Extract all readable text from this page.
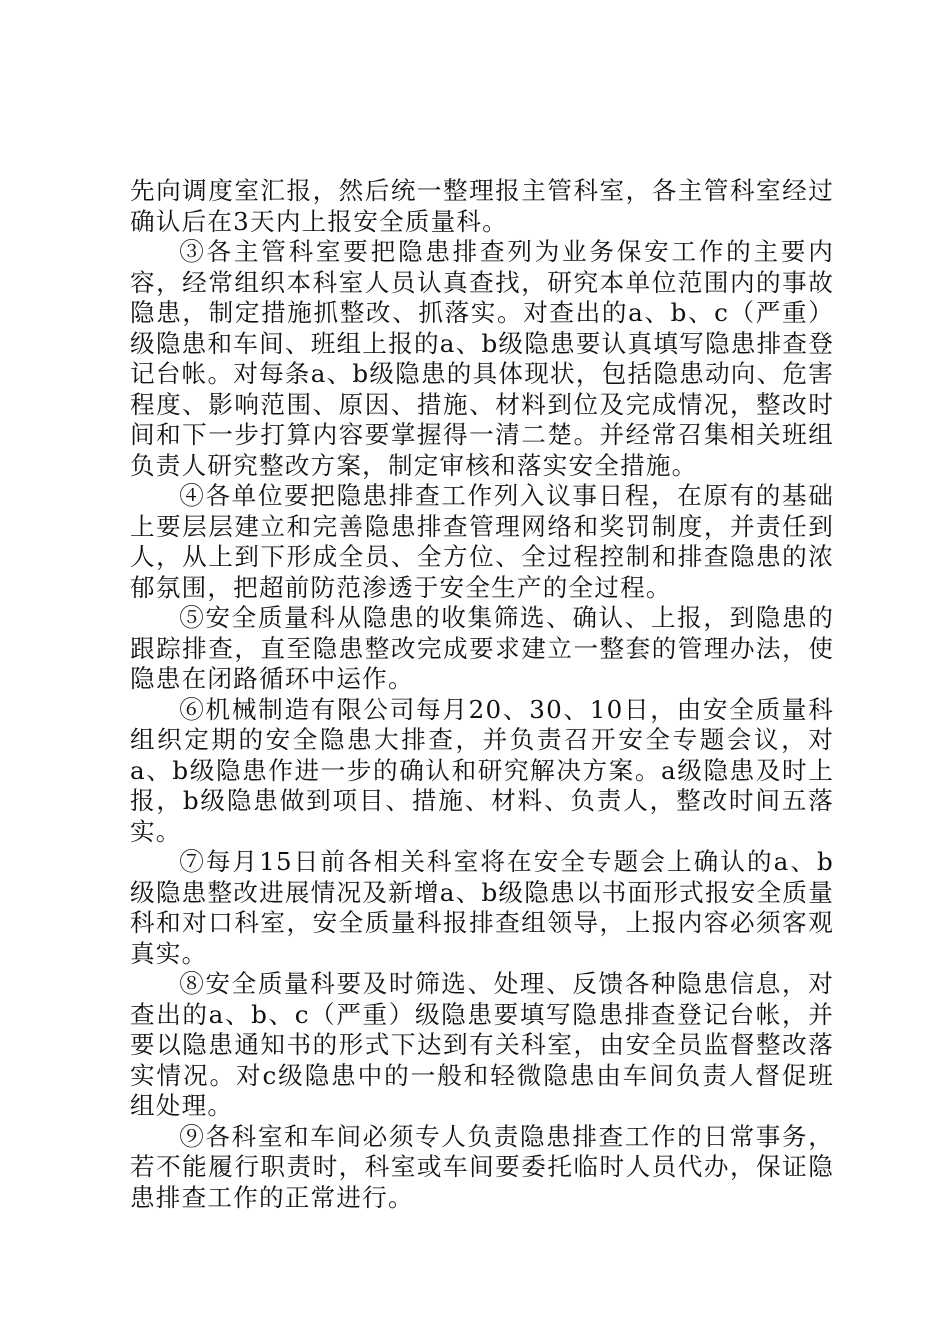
先向调度室汇报，然后统一整理报主管科室，各主管科室经过确认后在3天内上报安全质量科。

③各主管科室要把隐患排查列为业务保安工作的主要内容，经常组织本科室人员认真查找，研究本单位范围内的事故隐患，制定措施抓整改、抓落实。对查出的a、b、c（严重）级隐患和车间、班组上报的a、b级隐患要认真填写隐患排查登记台帐。对每条a、b级隐患的具体现状，包括隐患动向、危害程度、影响范围、原因、措施、材料到位及完成情况，整改时间和下一步打算内容要掌握得一清二楚。并经常召集相关班组负责人研究整改方案，制定审核和落实安全措施。

④各单位要把隐患排查工作列入议事日程，在原有的基础上要层层建立和完善隐患排查管理网络和奖罚制度，并责任到人，从上到下形成全员、全方位、全过程控制和排查隐患的浓郁氛围，把超前防范渗透于安全生产的全过程。

⑤安全质量科从隐患的收集筛选、确认、上报，到隐患的跟踪排查，直至隐患整改完成要求建立一整套的管理办法，使隐患在闭路循环中运作。

⑥机械制造有限公司每月20、30、10日，由安全质量科组织定期的安全隐患大排查，并负责召开安全专题会议，对a、b级隐患作进一步的确认和研究解决方案。a级隐患及时上报，b级隐患做到项目、措施、材料、负责人，整改时间五落实。

⑦每月15日前各相关科室将在安全专题会上确认的a、b级隐患整改进展情况及新增a、b级隐患以书面形式报安全质量科和对口科室，安全质量科报排查组领导，上报内容必须客观真实。

⑧安全质量科要及时筛选、处理、反馈各种隐患信息，对查出的a、b、c（严重）级隐患要填写隐患排查登记台帐，并要以隐患通知书的形式下达到有关科室，由安全员监督整改落实情况。对c级隐患中的一般和轻微隐患由车间负责人督促班组处理。

⑨各科室和车间必须专人负责隐患排查工作的日常事务，若不能履行职责时，科室或车间要委托临时人员代办，保证隐患排查工作的正常进行。
